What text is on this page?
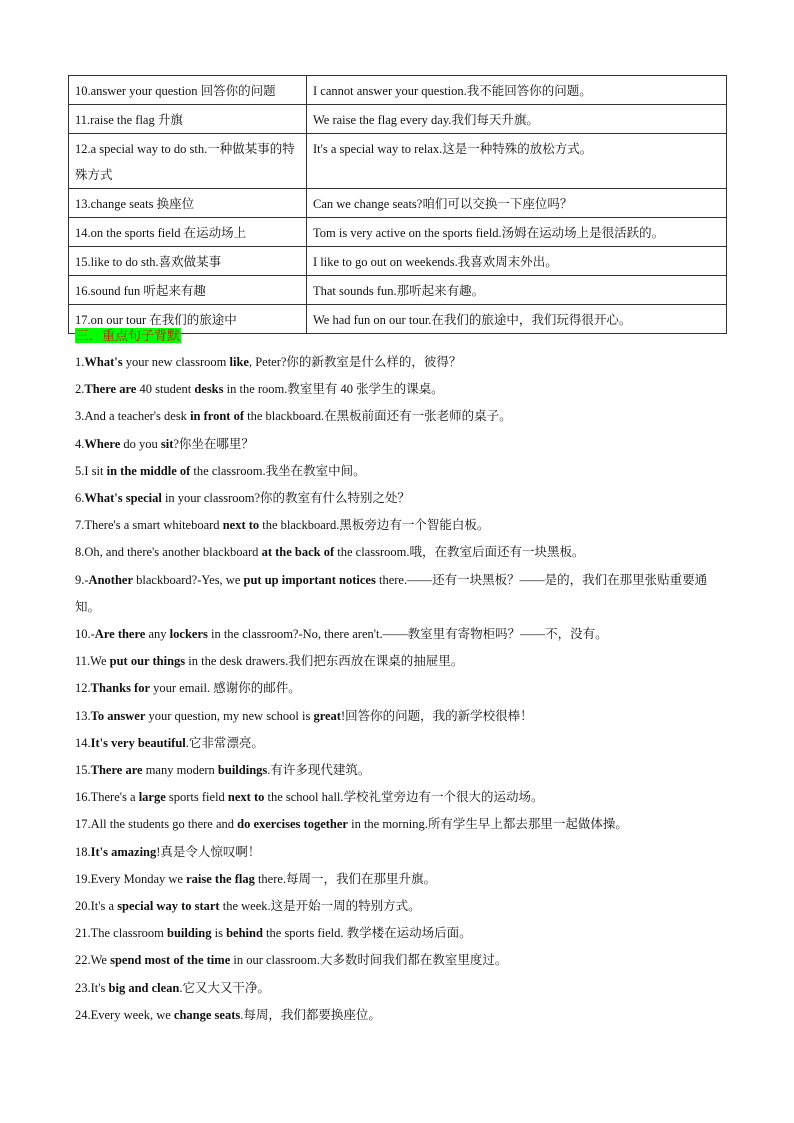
10.answer your question 回答你的问题	I cannot answer your question.我不能回答你的问题。
11.raise the flag 升旗	We raise the flag every day.我们每天升旗。
12.a special way to do sth.一种做某事的特殊方式	It's a special way to relax.这是一种特殊的放松方式。
13.change seats 换座位	Can we change seats?咱们可以交换一下座位吗？
14.on the sports field 在运动场上	Tom is very active on the sports field.汤姆在运动场上是很活跃的。
15.like to do sth.喜欢做某事	I like to go out on weekends.我喜欢周末外出。
16.sound fun 听起来有趣	That sounds fun.那听起来有趣。
17.on our tour 在我们的旅途中	We had fun on our tour.在我们的旅途中，我们玩得很开心。
三．重点句子背默

1.What's your new classroom like, Peter?你的新教室是什么样的，彼得？

2.There are 40 student desks in the room.教室里有 40 张学生的课桌。

3.And a teacher's desk in front of the blackboard.在黑板前面还有一张老师的桌子。

4.Where do you sit?你坐在哪里？

5.I sit in the middle of the classroom.我坐在教室中间。

6.What's special in your classroom?你的教室有什么特别之处？

7.There's a smart whiteboard next to the blackboard.黑板旁边有一个智能白板。

8.Oh, and there's another blackboard at the back of the classroom.哦，在教室后面还有一块黑板。

9.-Another blackboard?-Yes, we put up important notices there.——还有一块黑板？——是的，我们在那里张贴重要通知。

10.-Are there any lockers in the classroom?-No, there aren't.——教室里有寄物柜吗？——不，没有。

11.We put our things in the desk drawers.我们把东西放在课桌的抽屉里。

12.Thanks for your email. 感谢你的邮件。

13.To answer your question, my new school is great!回答你的问题，我的新学校很棒！

14.It's very beautiful.它非常漂亮。

15.There are many modern buildings.有许多现代建筑。

16.There's a large sports field next to the school hall.学校礼堂旁边有一个很大的运动场。

17.All the students go there and do exercises together in the morning.所有学生早上都去那里一起做体操。

18.It's amazing!真是令人惊叹啊！

19.Every Monday we raise the flag there.每周一，我们在那里升旗。

20.It's a special way to start the week.这是开始一周的特别方式。

21.The classroom building is behind the sports field. 教学楼在运动场后面。

22.We spend most of the time in our classroom.大多数时间我们都在教室里度过。

23.It's big and clean.它又大又干净。

24.Every week, we change seats.每周，我们都要换座位。
